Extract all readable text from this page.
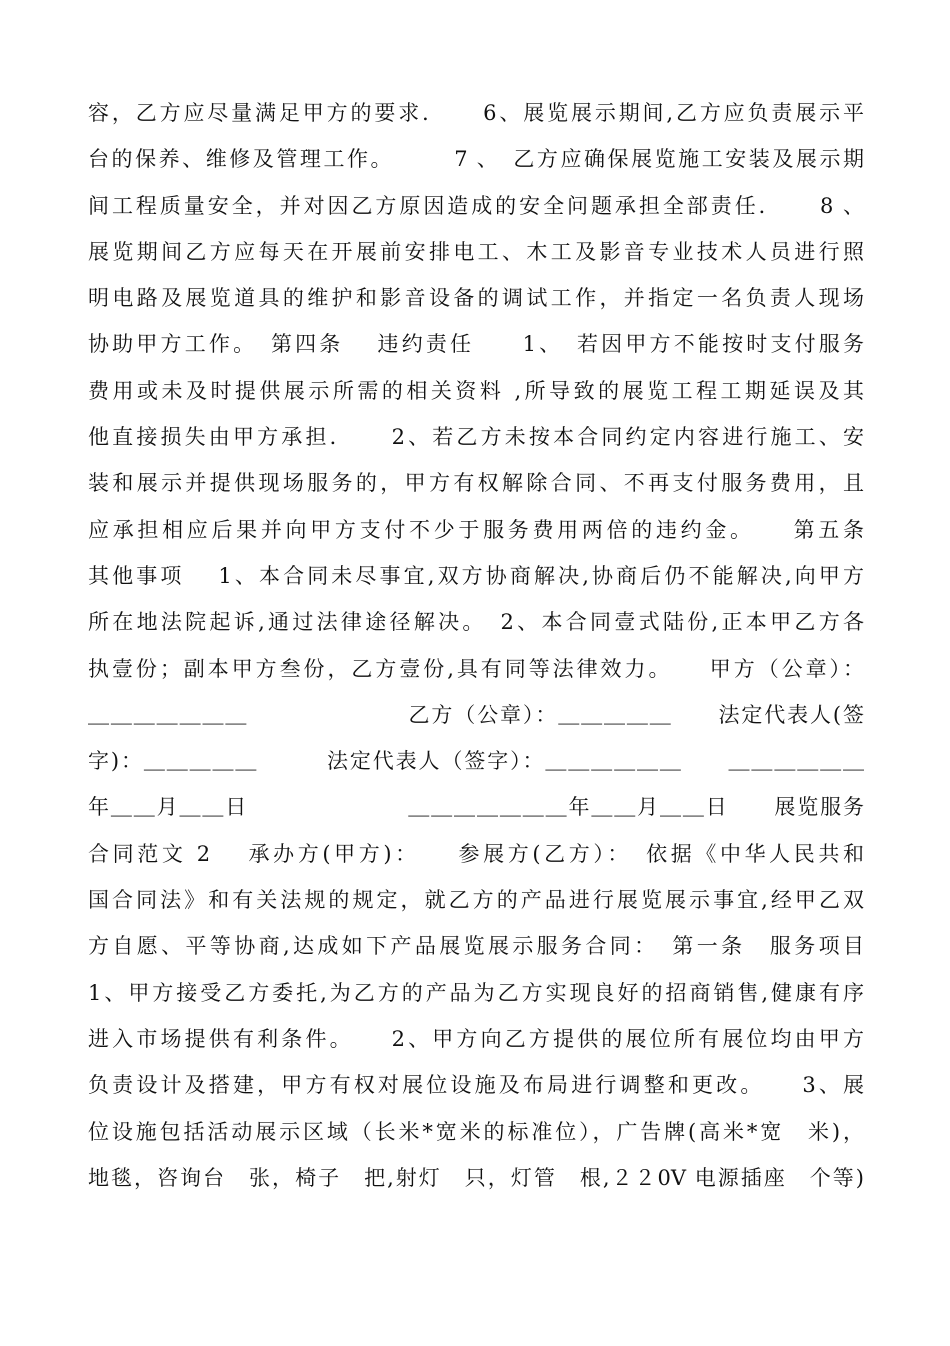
容，乙方应尽量满足甲方的要求．　　6、展览展示期间,乙方应负责展示平
台的保养、维修及管理工作。　　　7 、　乙方应确保展览施工安装及展示期
间工程质量安全，并对因乙方原因造成的安全问题承担全部责任．　　8 、
展览期间乙方应每天在开展前安排电工、木工及影音专业技术人员进行照
明电路及展览道具的维护和影音设备的调试工作，并指定一名负责人现场
协助甲方工作。　第四条　 违约责任　　1、　若因甲方不能按时支付服务
费用或未及时提供展示所需的相关资料 ,所导致的展览工程工期延误及其
他直接损失由甲方承担．　　2、若乙方未按本合同约定内容进行施工、安
装和展示并提供现场服务的，甲方有权解除合同、不再支付服务费用，且
应承担相应后果并向甲方支付不少于服务费用两倍的违约金。　　第五条
其他事项　 1、本合同未尽事宜,双方协商解决,协商后仍不能解决,向甲方
所在地法院起诉,通过法律途径解决。　2、本合同壹式陆份,正本甲乙方各
执壹份；副本甲方叁份，乙方壹份,具有同等法律效力。　　甲方（公章）：
＿＿＿＿＿＿＿　　　　　　　乙方（公章）：＿＿＿＿＿　　法定代表人(签
字)：＿＿＿＿＿　　　法定代表人（签字）：＿＿＿＿＿＿　　＿＿＿＿＿＿
年＿＿月＿＿日　　　　　　　＿＿＿＿＿＿＿年＿＿月＿＿日　　展览服务
合同范文 2　 承办方(甲方)：　　参展方(乙方）：　依据《中华人民共和
国合同法》和有关法规的规定，就乙方的产品进行展览展示事宜,经甲乙双
方自愿、平等协商,达成如下产品展览展示服务合同：　第一条　服务项目
1、甲方接受乙方委托,为乙方的产品为乙方实现良好的招商销售,健康有序
进入市场提供有利条件。　　2、甲方向乙方提供的展位所有展位均由甲方
负责设计及搭建，甲方有权对展位设施及布局进行调整和更改。　　3、展
位设施包括活动展示区域（长米*宽米的标准位），广告牌(高米*宽　米)，
地毯，咨询台　张，椅子　把,射灯　只，灯管　根,２２0V 电源插座　个等)
